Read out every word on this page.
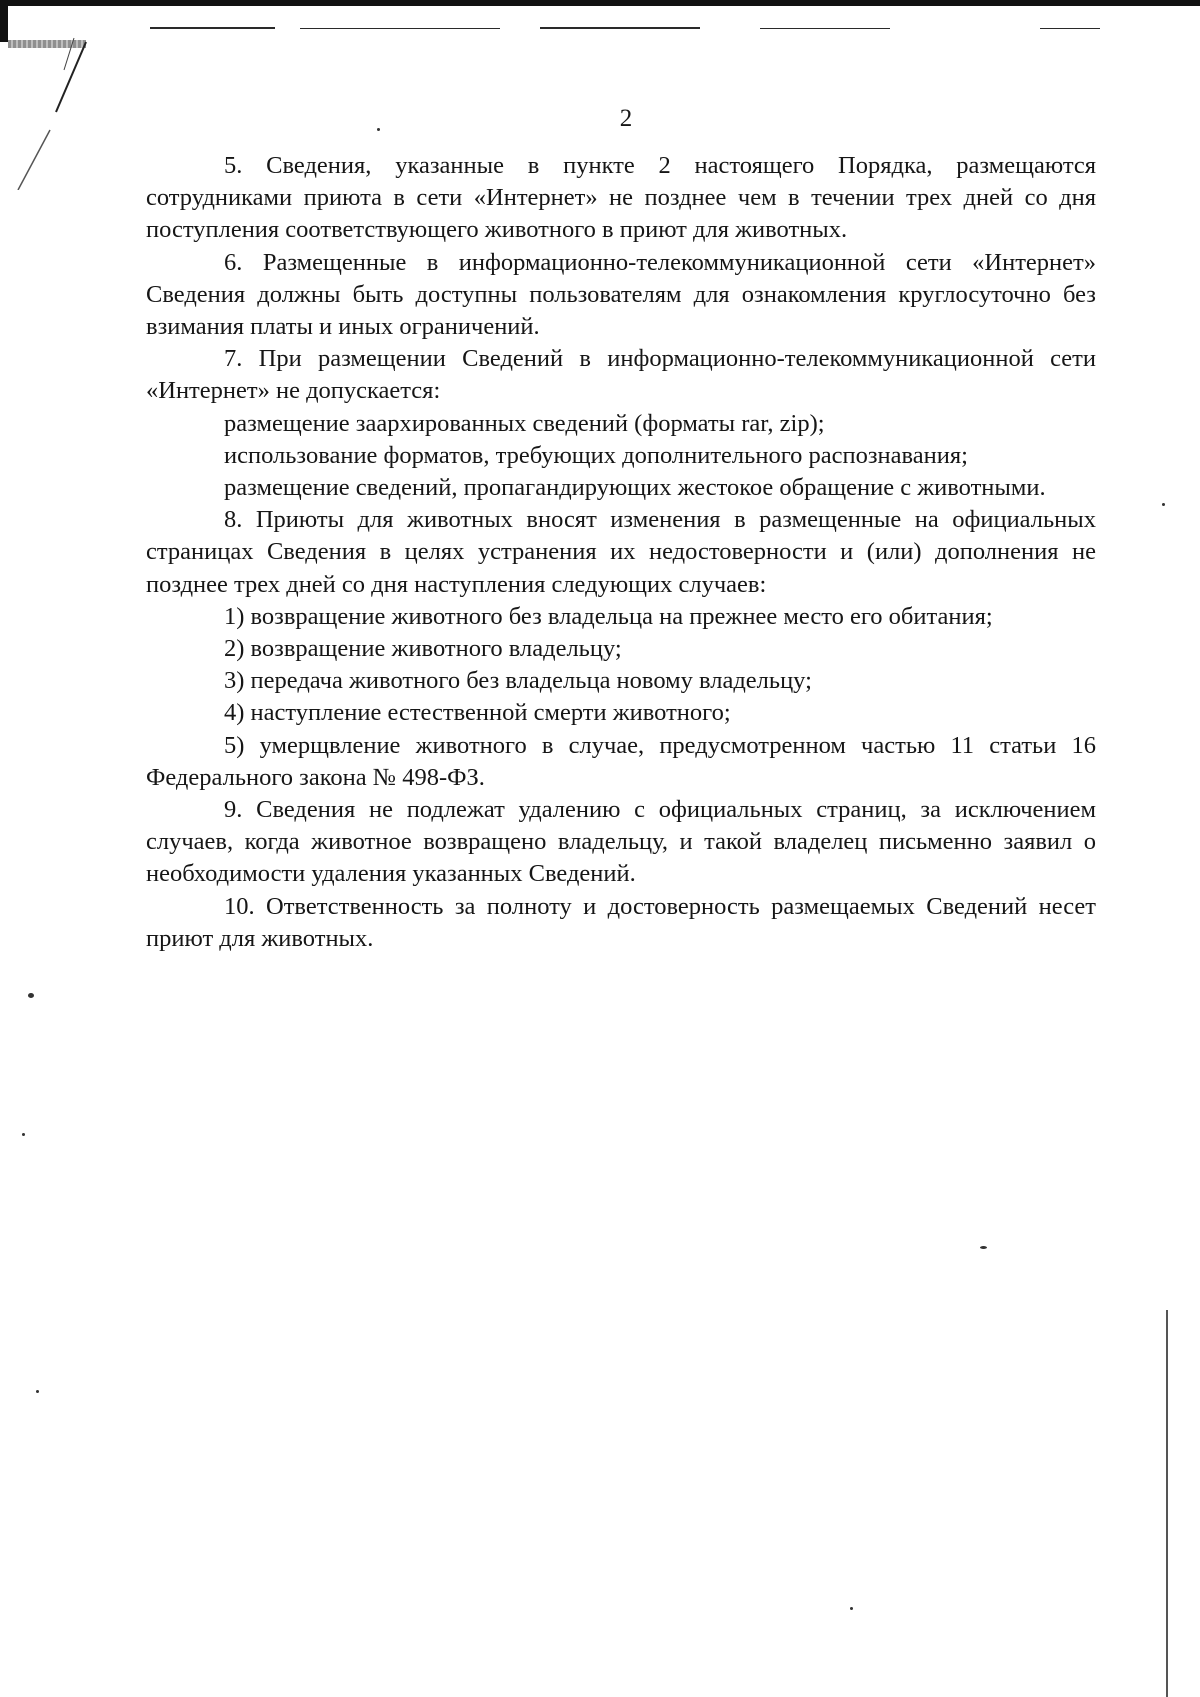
2

5. Сведения, указанные в пункте 2 настоящего Порядка, размещаются сотрудниками приюта в сети «Интернет» не позднее чем в течении трех дней со дня поступления соответствующего животного в приют для животных.

6. Размещенные в информационно-телекоммуникационной сети «Интернет» Сведения должны быть доступны пользователям для ознакомления круглосуточно без взимания платы и иных ограничений.

7. При размещении Сведений в информационно-телекоммуникационной сети «Интернет» не допускается:

размещение заархированных сведений (форматы rar, zip);

использование форматов, требующих дополнительного распознавания;

размещение сведений, пропагандирующих жестокое обращение с животными.

8. Приюты для животных вносят изменения в размещенные на официальных страницах Сведения в целях устранения их недостоверности и (или) дополнения не позднее трех дней со дня наступления следующих случаев:

1) возвращение животного без владельца на прежнее место его обитания;

2) возвращение животного владельцу;

3) передача животного без владельца новому владельцу;

4) наступление естественной смерти животного;

5) умерщвление животного в случае, предусмотренном частью 11 статьи 16 Федерального закона № 498-ФЗ.

9. Сведения не подлежат удалению с официальных страниц, за исключением случаев, когда животное возвращено владельцу, и такой владелец письменно заявил о необходимости удаления указанных Сведений.

10. Ответственность за полноту и достоверность размещаемых Сведений несет приют для животных.
